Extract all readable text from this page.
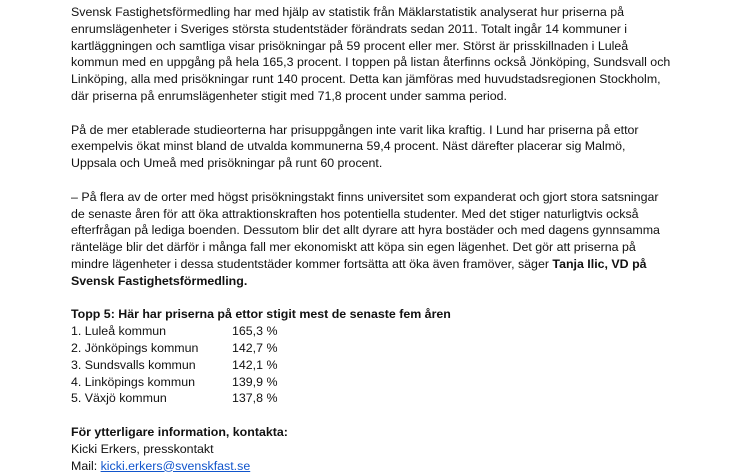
Svensk Fastighetsförmedling har med hjälp av statistik från Mäklarstatistik analyserat hur priserna på enrumslägenheter i Sveriges största studentstäder förändrats sedan 2011. Totalt ingår 14 kommuner i kartläggningen och samtliga visar prisökningar på 59 procent eller mer. Störst är prisskillnaden i Luleå kommun med en uppgång på hela 165,3 procent. I toppen på listan återfinns också Jönköping, Sundsvall och Linköping, alla med prisökningar runt 140 procent. Detta kan jämföras med huvudstadsregionen Stockholm, där priserna på enrumslägenheter stigit med 71,8 procent under samma period.

På de mer etablerade studieorterna har prisuppgången inte varit lika kraftig. I Lund har priserna på ettor exempelvis ökat minst bland de utvalda kommunerna 59,4 procent. Näst därefter placerar sig Malmö, Uppsala och Umeå med prisökningar på runt 60 procent.

– På flera av de orter med högst prisökningstakt finns universitet som expanderat och gjort stora satsningar de senaste åren för att öka attraktionskraften hos potentiella studenter. Med det stiger naturligtvis också efterfrågan på lediga boenden. Dessutom blir det allt dyrare att hyra bostäder och med dagens gynnsamma ränteläge blir det därför i många fall mer ekonomiskt att köpa sin egen lägenhet. Det gör att priserna på mindre lägenheter i dessa studentstäder kommer fortsätta att öka även framöver, säger Tanja Ilic, VD på Svensk Fastighetsförmedling.

Topp 5: Här har priserna på ettor stigit mest de senaste fem åren
1. Luleå kommun	165,3 %
2. Jönköpings kommun	142,7 %
3. Sundsvalls kommun	142,1 %
4. Linköpings kommun	139,9 %
5. Växjö kommun	137,8 %
För ytterligare information, kontakta:
Kicki Erkers, presskontakt
Mail: kicki.erkers@svenskfast.se
